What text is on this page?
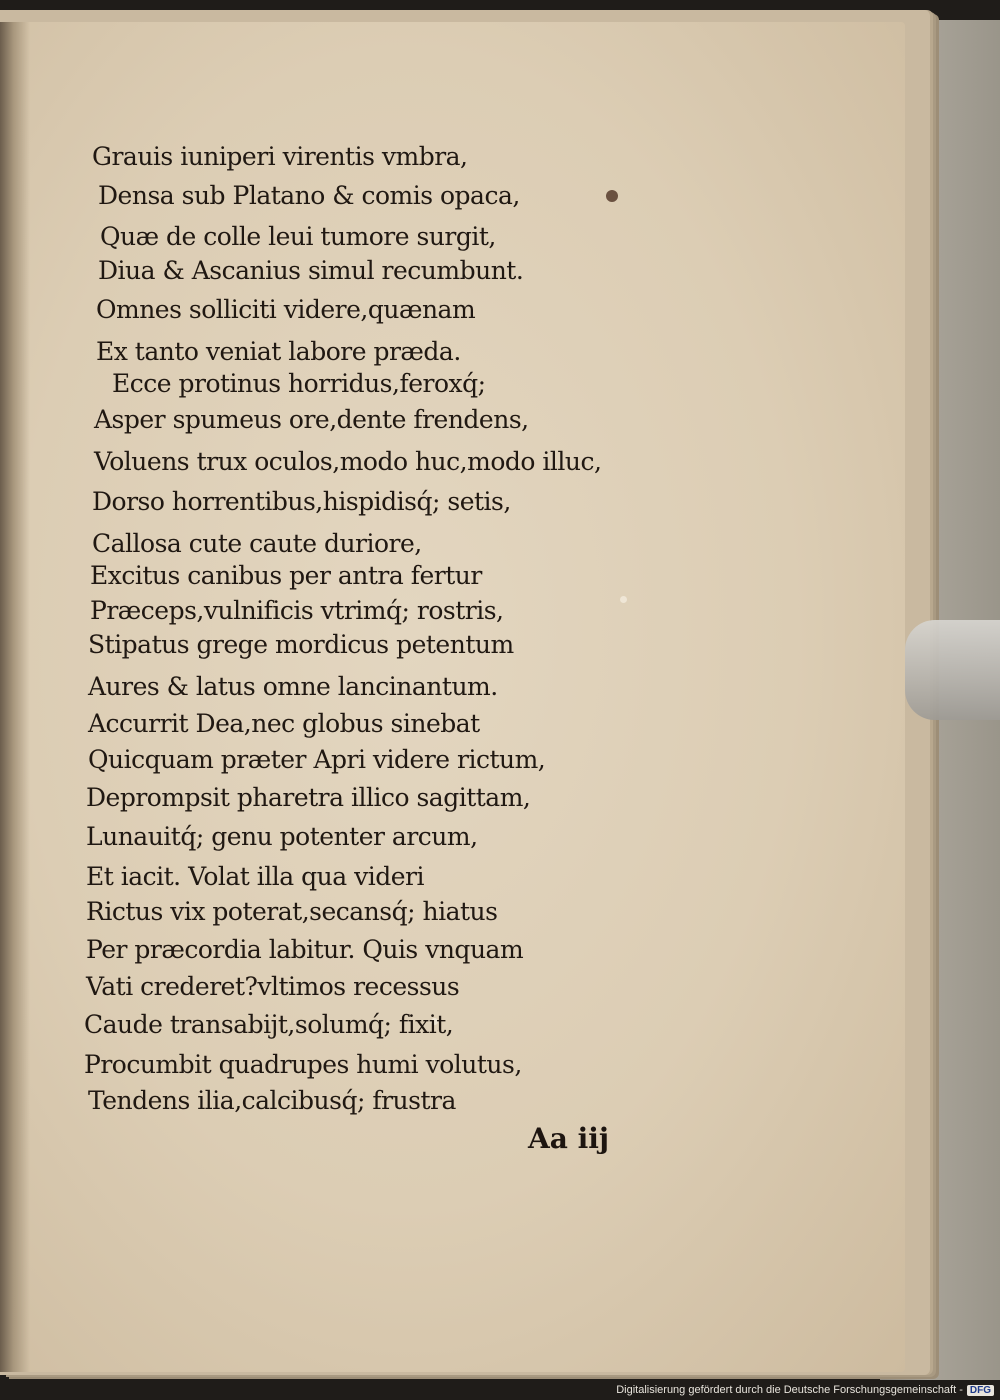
Grauis iuniperi virentis vmbra,
Densa sub Platano & comis opaca,
Quæ de colle leui tumore surgit,
Diua & Ascanius simul recumbunt.
Omnes solliciti videre,quænam
Ex tanto veniat labore præda.
Ecce protinus horridus,feroxq́;
Asper spumeus ore,dente frendens,
Voluens trux oculos,modo huc,modo illuc,
Dorso horrentibus,hispidisq́; setis,
Callosa cute caute duriore,
Excitus canibus per antra fertur
Præceps,vulnificis vtrimq́; rostris,
Stipatus grege mordicus petentum
Aures & latus omne lancinantum.
Accurrit Dea,nec globus sinebat
Quicquam præter Apri videre rictum,
Deprompsit pharetra illico sagittam,
Lunauitq́; genu potenter arcum,
Et iacit. Volat illa qua videri
Rictus vix poterat,secansq́; hiatus
Per præcordia labitur. Quis vnquam
Vati crederet?vltimos recessus
Caude transabijt,solumq́; fixit,
Procumbit quadrupes humi volutus,
Tendens ilia,calcibusq́; frustra
Aa iij
Digitalisierung gefördert durch die Deutsche Forschungsgemeinschaft - DFG
